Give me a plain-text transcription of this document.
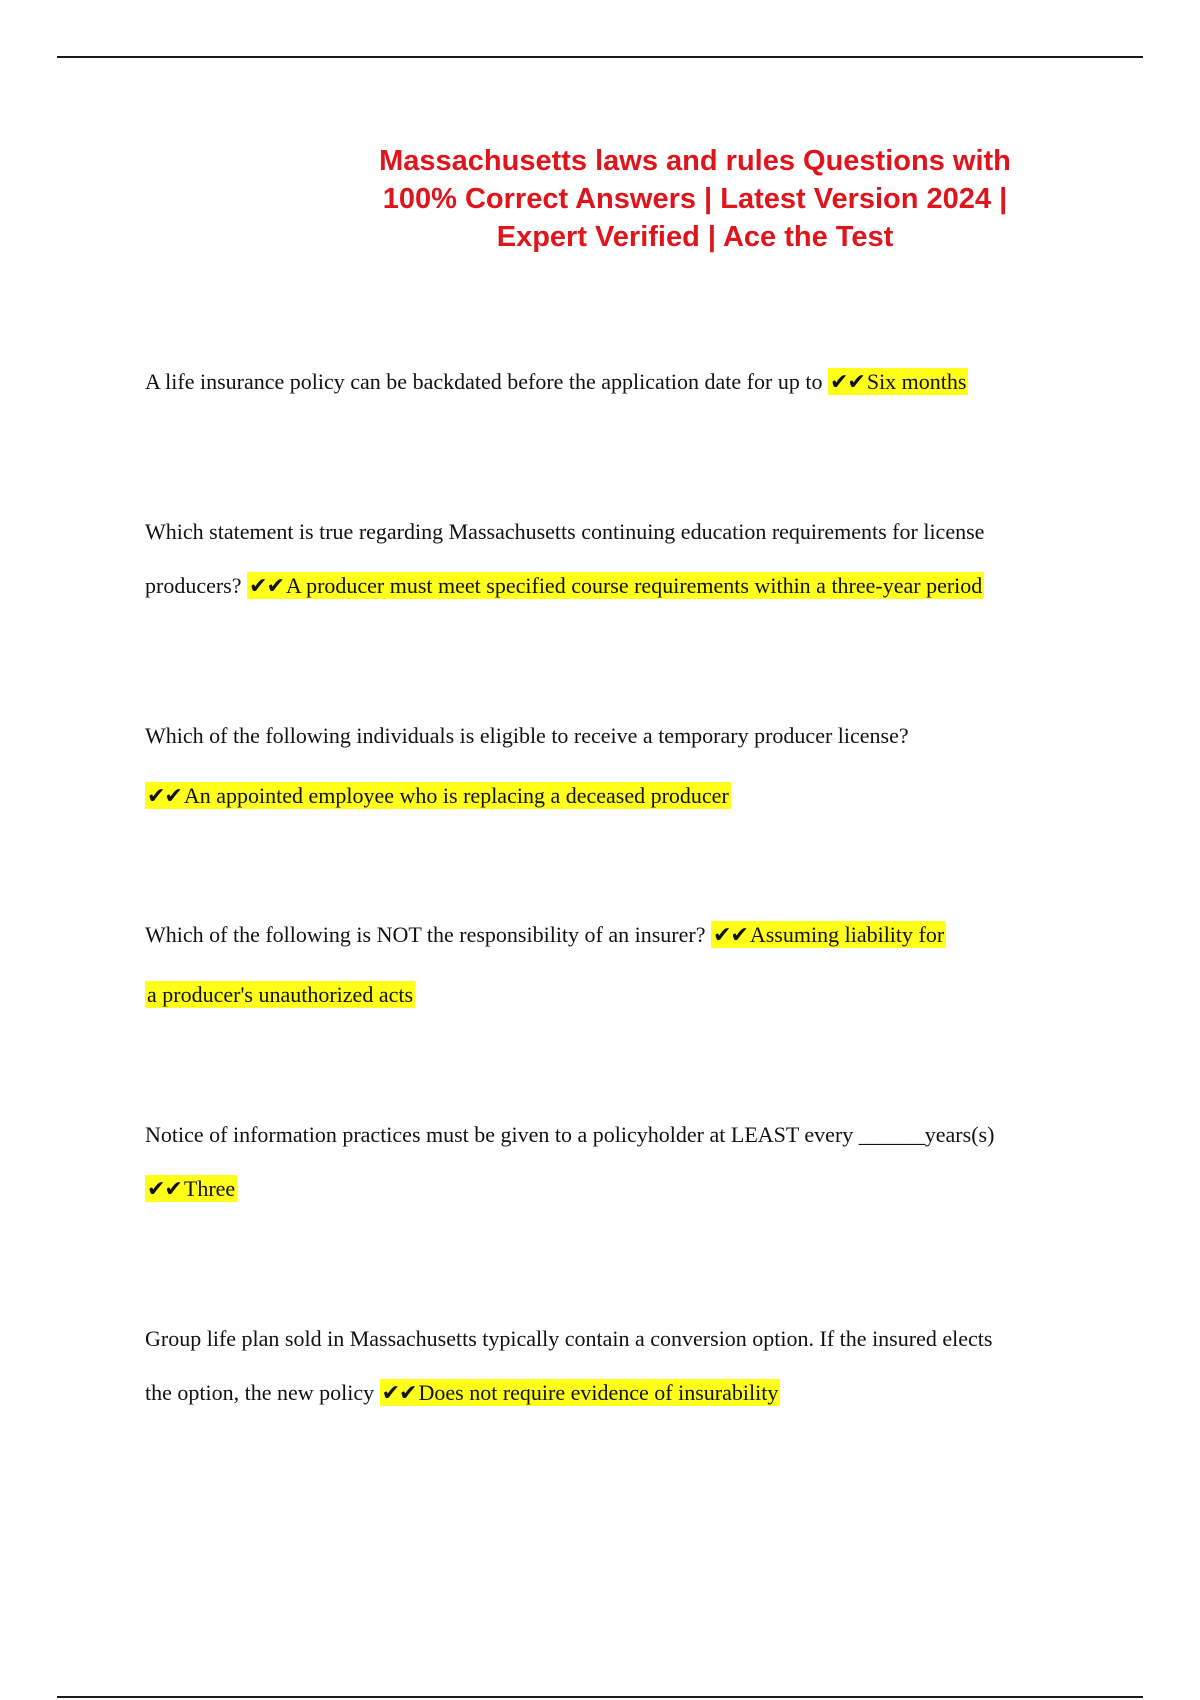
Massachusetts laws and rules Questions with
100% Correct Answers | Latest Version 2024 |
Expert Verified | Ace the Test
A life insurance policy can be backdated before the application date for up to ✔✔Six months
Which statement is true regarding Massachusetts continuing education requirements for license
producers? ✔✔A producer must meet specified course requirements within a three-year period
Which of the following individuals is eligible to receive a temporary producer license?
✔✔An appointed employee who is replacing a deceased producer
Which of the following is NOT the responsibility of an insurer? ✔✔Assuming liability for
a producer's unauthorized acts
Notice of information practices must be given to a policyholder at LEAST every ______years(s)
✔✔Three
Group life plan sold in Massachusetts typically contain a conversion option. If the insured elects
the option, the new policy ✔✔Does not require evidence of insurability
